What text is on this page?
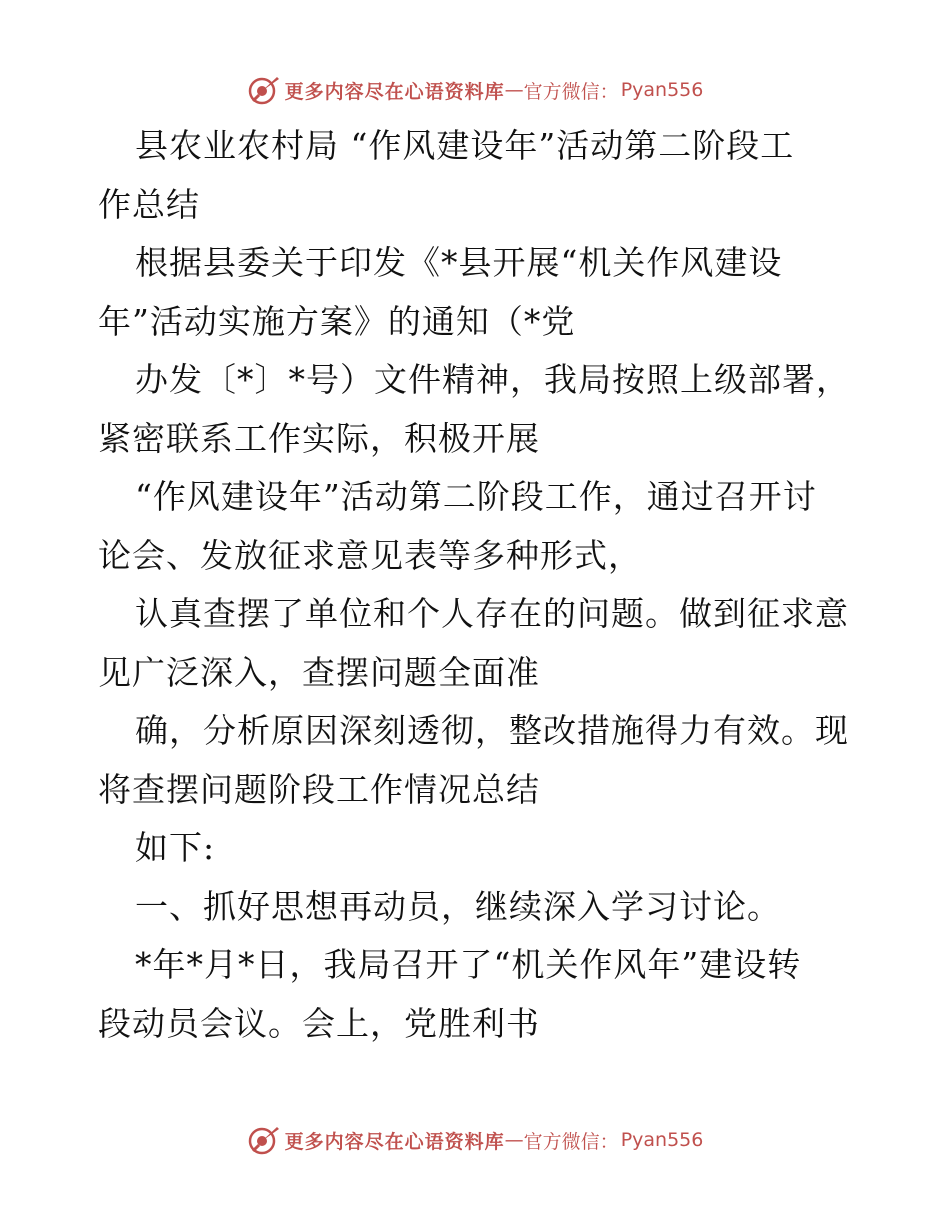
更多内容尽在心语资料库 — 官方微信： Pyan556
县农业农村局 “作风建设年”活动第二阶段工
作总结
根据县委关于印发《*县开展“机关作风建设
年”活动实施方案》的通知（*党
办发〔*〕*号）文件精神，我局按照上级部署，
紧密联系工作实际，积极开展
“作风建设年”活动第二阶段工作，通过召开讨
论会、发放征求意见表等多种形式，
认真查摆了单位和个人存在的问题。做到征求意
见广泛深入，查摆问题全面准
确，分析原因深刻透彻，整改措施得力有效。现
将查摆问题阶段工作情况总结
如下:
一、抓好思想再动员，继续深入学习讨论。
*年*月*日，我局召开了“机关作风年”建设转
段动员会议。会上，党胜利书
更多内容尽在心语资料库 — 官方微信： Pyan556
